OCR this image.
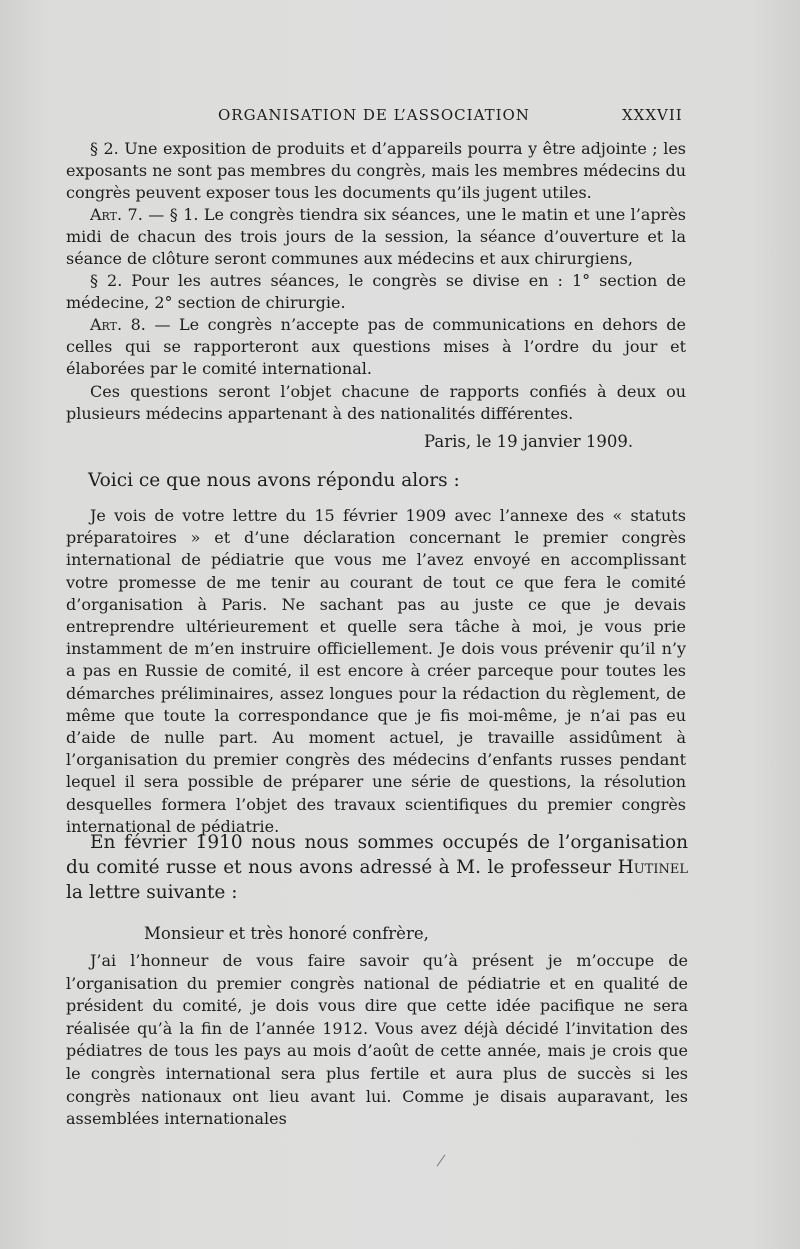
ORGANISATION DE L’ASSOCIATION	XXXVII

§ 2. Une exposition de produits et d’appareils pourra y être adjointe ; les exposants ne sont pas membres du congrès, mais les membres médecins du congrès peuvent exposer tous les documents qu’ils jugent utiles.

Art. 7. — § 1. Le congrès tiendra six séances, une le matin et une l’après midi de chacun des trois jours de la session, la séance d’ouverture et la séance de clôture seront communes aux médecins et aux chirurgiens,

§ 2. Pour les autres séances, le congrès se divise en : 1° section de médecine, 2° section de chirurgie.

Art. 8. — Le congrès n’accepte pas de communications en dehors de celles qui se rapporteront aux questions mises à l’ordre du jour et élaborées par le comité international.

Ces questions seront l’objet chacune de rapports confiés à deux ou plusieurs médecins appartenant à des nationalités différentes.

Paris, le 19 janvier 1909.

Voici ce que nous avons répondu alors :

Je vois de votre lettre du 15 février 1909 avec l’annexe des « statuts préparatoires » et d’une déclaration concernant le premier congrès international de pédiatrie que vous me l’avez envoyé en accomplissant votre promesse de me tenir au courant de tout ce que fera le comité d’organisation à Paris. Ne sachant pas au juste ce que je devais entreprendre ultérieurement et quelle sera tâche à moi, je vous prie instamment de m’en instruire officiellement. Je dois vous prévenir qu’il n’y a pas en Russie de comité, il est encore à créer parceque pour toutes les démarches préliminaires, assez longues pour la rédaction du règlement, de même que toute la correspondance que je fis moi-même, je n’ai pas eu d’aide de nulle part. Au moment actuel, je travaille assidûment à l’organisation du premier congrès des médecins d’enfants russes pendant lequel il sera possible de préparer une série de questions, la résolution desquelles formera l’objet des travaux scientifiques du premier congrès international de pédiatrie.

En février 1910 nous nous sommes occupés de l’organisation du comité russe et nous avons adressé à M. le professeur Hutinel la lettre suivante :

Monsieur et très honoré confrère,

J’ai l’honneur de vous faire savoir qu’à présent je m’occupe de l’organisation du premier congrès national de pédiatrie et en qualité de président du comité, je dois vous dire que cette idée pacifique ne sera réalisée qu’à la fin de l’année 1912. Vous avez déjà décidé l’invitation des pédiatres de tous les pays au mois d’août de cette année, mais je crois que le congrès international sera plus fertile et aura plus de succès si les congrès nationaux ont lieu avant lui. Comme je disais auparavant, les assemblées internationales
